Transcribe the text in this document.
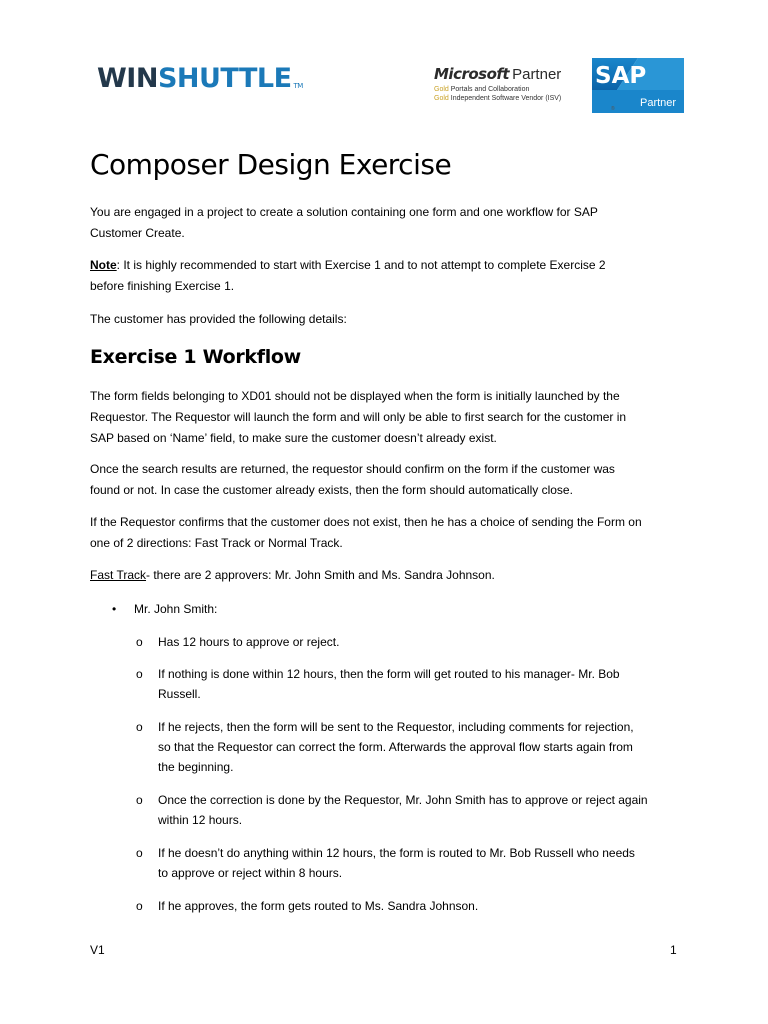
WINSHUTTLE TM
Microsoft Partner
Gold Portals and Collaboration
Gold Independent Software Vendor (ISV)
SAP
Partner
®
Composer Design Exercise

You are engaged in a project to create a solution containing one form and one workflow for SAP

Customer Create.

Note: It is highly recommended to start with Exercise 1 and to not attempt to complete Exercise 2

before finishing Exercise 1.

The customer has provided the following details:

Exercise 1 Workflow

The form fields belonging to XD01 should not be displayed when the form is initially launched by the

Requestor. The Requestor will launch the form and will only be able to first search for the customer in

SAP based on ‘Name’ field, to make sure the customer doesn’t already exist.

Once the search results are returned, the requestor should confirm on the form if the customer was

found or not. In case the customer already exists, then the form should automatically close.

If the Requestor confirms that the customer does not exist, then he has a choice of sending the Form on

one of 2 directions: Fast Track or Normal Track.

Fast Track- there are 2 approvers: Mr. John Smith and Ms. Sandra Johnson.

• Mr. John Smith:
o Has 12 hours to approve or reject.
o If nothing is done within 12 hours, then the form will get routed to his manager- Mr. Bob
Russell.
o If he rejects, then the form will be sent to the Requestor, including comments for rejection,
so that the Requestor can correct the form. Afterwards the approval flow starts again from
the beginning.
o Once the correction is done by the Requestor, Mr. John Smith has to approve or reject again
within 12 hours.
o If he doesn’t do anything within 12 hours, the form is routed to Mr. Bob Russell who needs
to approve or reject within 8 hours.
o If he approves, the form gets routed to Ms. Sandra Johnson.
V1	1
